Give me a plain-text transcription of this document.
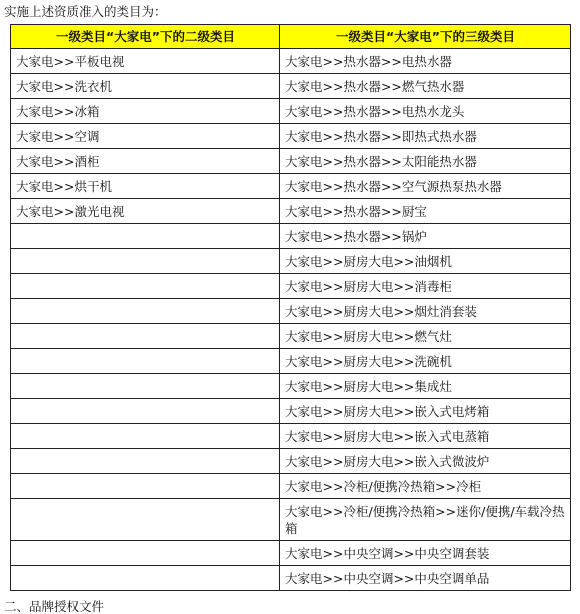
实施上述资质准入的类目为：
一级类目“大家电”下的二级类目	一级类目“大家电”下的三级类目
大家电>>平板电视	大家电>>热水器>>电热水器
大家电>>洗衣机	大家电>>热水器>>燃气热水器
大家电>>冰箱	大家电>>热水器>>电热水龙头
大家电>>空调	大家电>>热水器>>即热式热水器
大家电>>酒柜	大家电>>热水器>>太阳能热水器
大家电>>烘干机	大家电>>热水器>>空气源热泵热水器
大家电>>激光电视	大家电>>热水器>>厨宝
	大家电>>热水器>>锅炉
	大家电>>厨房大电>>油烟机
	大家电>>厨房大电>>消毒柜
	大家电>>厨房大电>>烟灶消套装
	大家电>>厨房大电>>燃气灶
	大家电>>厨房大电>>洗碗机
	大家电>>厨房大电>>集成灶
	大家电>>厨房大电>>嵌入式电烤箱
	大家电>>厨房大电>>嵌入式电蒸箱
	大家电>>厨房大电>>嵌入式微波炉
	大家电>>冷柜/便携冷热箱>>冷柜
	大家电>>冷柜/便携冷热箱>>迷你/便携/车载冷热箱
	大家电>>中央空调>>中央空调套装
	大家电>>中央空调>>中央空调单品
二、品牌授权文件
